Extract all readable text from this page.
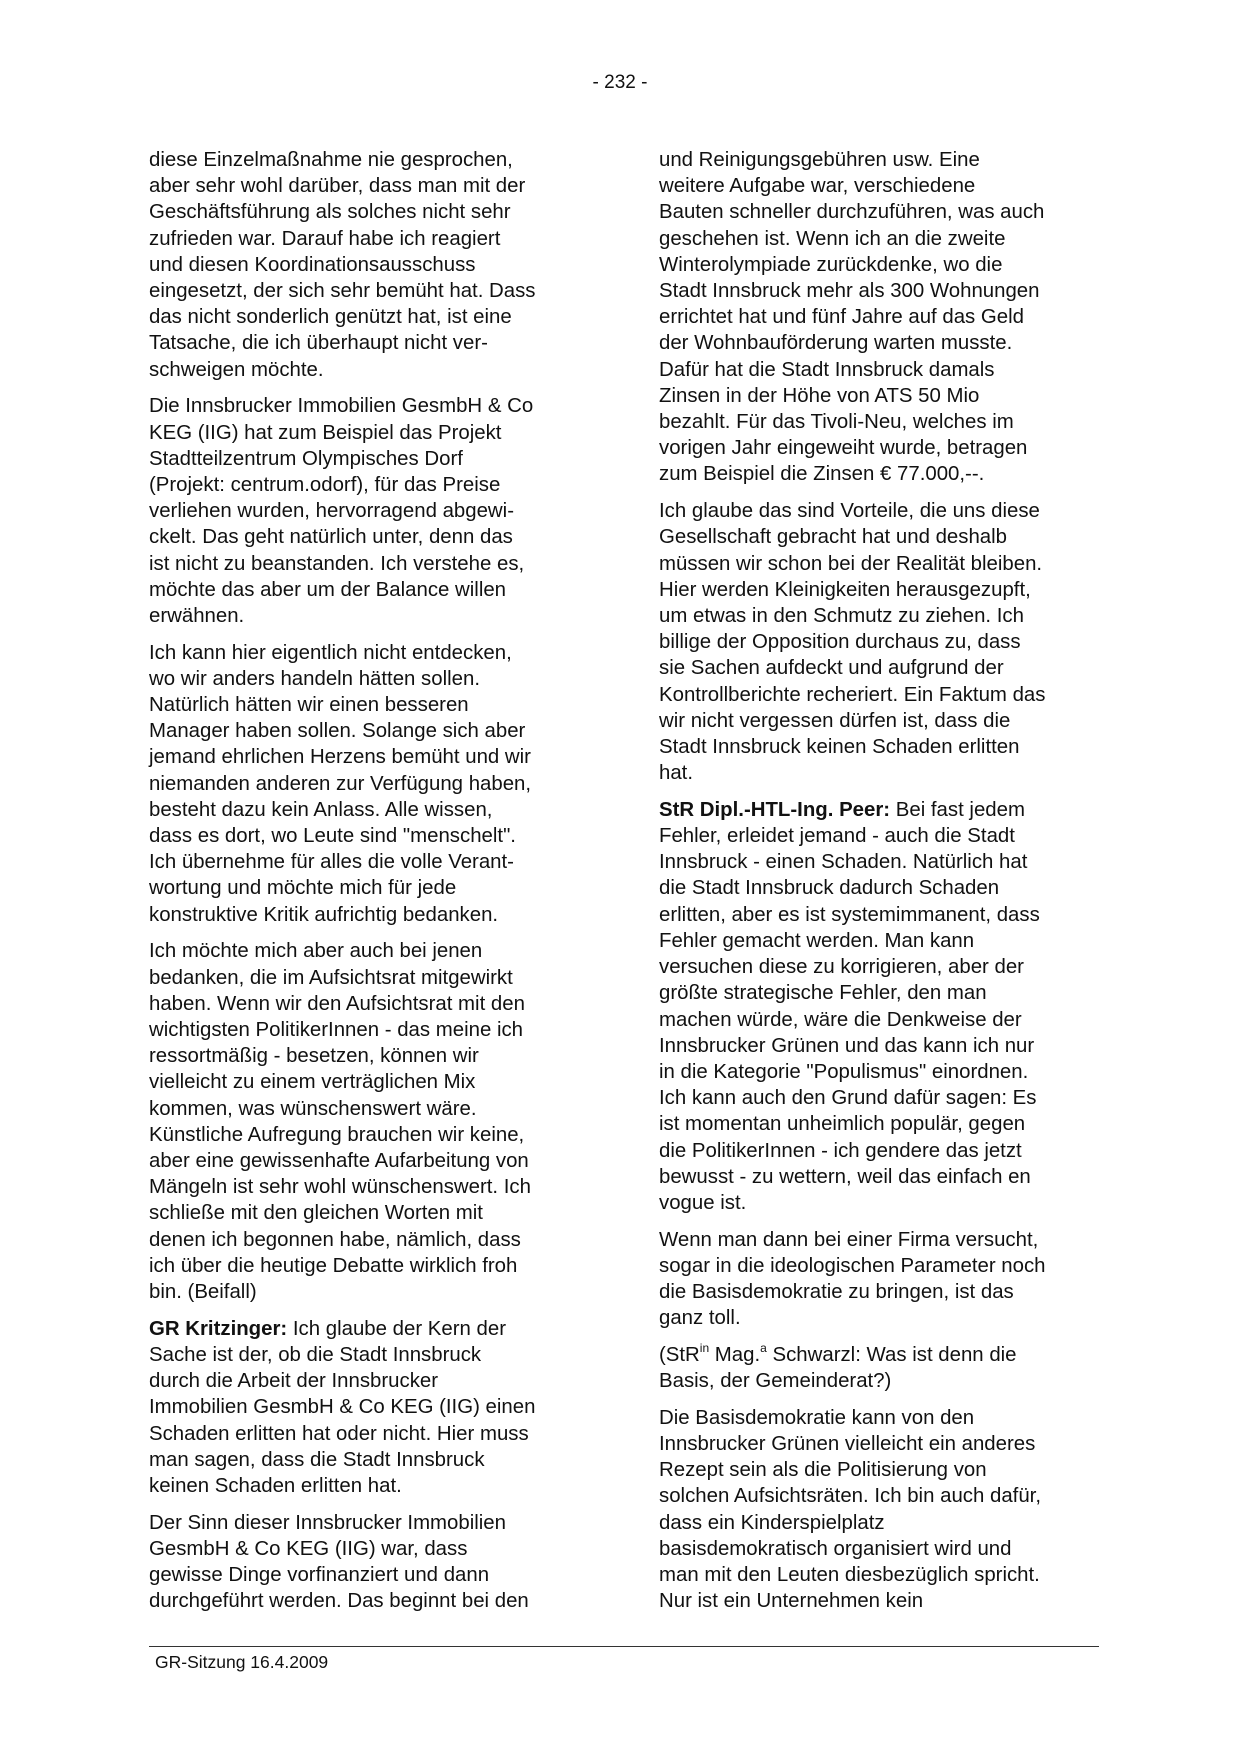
- 232 -

diese Einzelmaßnahme nie gesprochen,
aber sehr wohl darüber, dass man mit der
Geschäftsführung als solches nicht sehr
zufrieden war. Darauf habe ich reagiert
und diesen Koordinationsausschuss
eingesetzt, der sich sehr bemüht hat. Dass
das nicht sonderlich genützt hat, ist eine
Tatsache, die ich überhaupt nicht ver-
schweigen möchte.

Die Innsbrucker Immobilien GesmbH & Co
KEG (IIG) hat zum Beispiel das Projekt
Stadtteilzentrum Olympisches Dorf
(Projekt: centrum.odorf), für das Preise
verliehen wurden, hervorragend abgewi-
ckelt. Das geht natürlich unter, denn das
ist nicht zu beanstanden. Ich verstehe es,
möchte das aber um der Balance willen
erwähnen.

Ich kann hier eigentlich nicht entdecken,
wo wir anders handeln hätten sollen.
Natürlich hätten wir einen besseren
Manager haben sollen. Solange sich aber
jemand ehrlichen Herzens bemüht und wir
niemanden anderen zur Verfügung haben,
besteht dazu kein Anlass. Alle wissen,
dass es dort, wo Leute sind "menschelt".
Ich übernehme für alles die volle Verant-
wortung und möchte mich für jede
konstruktive Kritik aufrichtig bedanken.

Ich möchte mich aber auch bei jenen
bedanken, die im Aufsichtsrat mitgewirkt
haben. Wenn wir den Aufsichtsrat mit den
wichtigsten PolitikerInnen - das meine ich
ressortmäßig - besetzen, können wir
vielleicht zu einem verträglichen Mix
kommen, was wünschenswert wäre.
Künstliche Aufregung brauchen wir keine,
aber eine gewissenhafte Aufarbeitung von
Mängeln ist sehr wohl wünschenswert. Ich
schließe mit den gleichen Worten mit
denen ich begonnen habe, nämlich, dass
ich über die heutige Debatte wirklich froh
bin. (Beifall)

GR Kritzinger: Ich glaube der Kern der
Sache ist der, ob die Stadt Innsbruck
durch die Arbeit der Innsbrucker
Immobilien GesmbH & Co KEG (IIG) einen
Schaden erlitten hat oder nicht. Hier muss
man sagen, dass die Stadt Innsbruck
keinen Schaden erlitten hat.

Der Sinn dieser Innsbrucker Immobilien
GesmbH & Co KEG (IIG) war, dass
gewisse Dinge vorfinanziert und dann
durchgeführt werden. Das beginnt bei den

und Reinigungsgebühren usw. Eine
weitere Aufgabe war, verschiedene
Bauten schneller durchzuführen, was auch
geschehen ist. Wenn ich an die zweite
Winterolympiade zurückdenke, wo die
Stadt Innsbruck mehr als 300 Wohnungen
errichtet hat und fünf Jahre auf das Geld
der Wohnbauförderung warten musste.
Dafür hat die Stadt Innsbruck damals
Zinsen in der Höhe von ATS 50 Mio
bezahlt. Für das Tivoli-Neu, welches im
vorigen Jahr eingeweiht wurde, betragen
zum Beispiel die Zinsen € 77.000,--.

Ich glaube das sind Vorteile, die uns diese
Gesellschaft gebracht hat und deshalb
müssen wir schon bei der Realität bleiben.
Hier werden Kleinigkeiten herausgezupft,
um etwas in den Schmutz zu ziehen. Ich
billige der Opposition durchaus zu, dass
sie Sachen aufdeckt und aufgrund der
Kontrollberichte recheriert. Ein Faktum das
wir nicht vergessen dürfen ist, dass die
Stadt Innsbruck keinen Schaden erlitten
hat.

StR Dipl.-HTL-Ing. Peer: Bei fast jedem
Fehler, erleidet jemand - auch die Stadt
Innsbruck - einen Schaden. Natürlich hat
die Stadt Innsbruck dadurch Schaden
erlitten, aber es ist systemimmanent, dass
Fehler gemacht werden. Man kann
versuchen diese zu korrigieren, aber der
größte strategische Fehler, den man
machen würde, wäre die Denkweise der
Innsbrucker Grünen und das kann ich nur
in die Kategorie "Populismus" einordnen.
Ich kann auch den Grund dafür sagen: Es
ist momentan unheimlich populär, gegen
die PolitikerInnen - ich gendere das jetzt
bewusst - zu wettern, weil das einfach en
vogue ist.

Wenn man dann bei einer Firma versucht,
sogar in die ideologischen Parameter noch
die Basisdemokratie zu bringen, ist das
ganz toll.

(StR$^{in}$ Mag.$^a$ Schwarzl: Was ist denn die
Basis, der Gemeinderat?)

Die Basisdemokratie kann von den
Innsbrucker Grünen vielleicht ein anderes
Rezept sein als die Politisierung von
solchen Aufsichtsräten. Ich bin auch dafür,
dass ein Kinderspielplatz
basisdemokratisch organisiert wird und
man mit den Leuten diesbezüglich spricht.
Nur ist ein Unternehmen kein

GR-Sitzung 16.4.2009
